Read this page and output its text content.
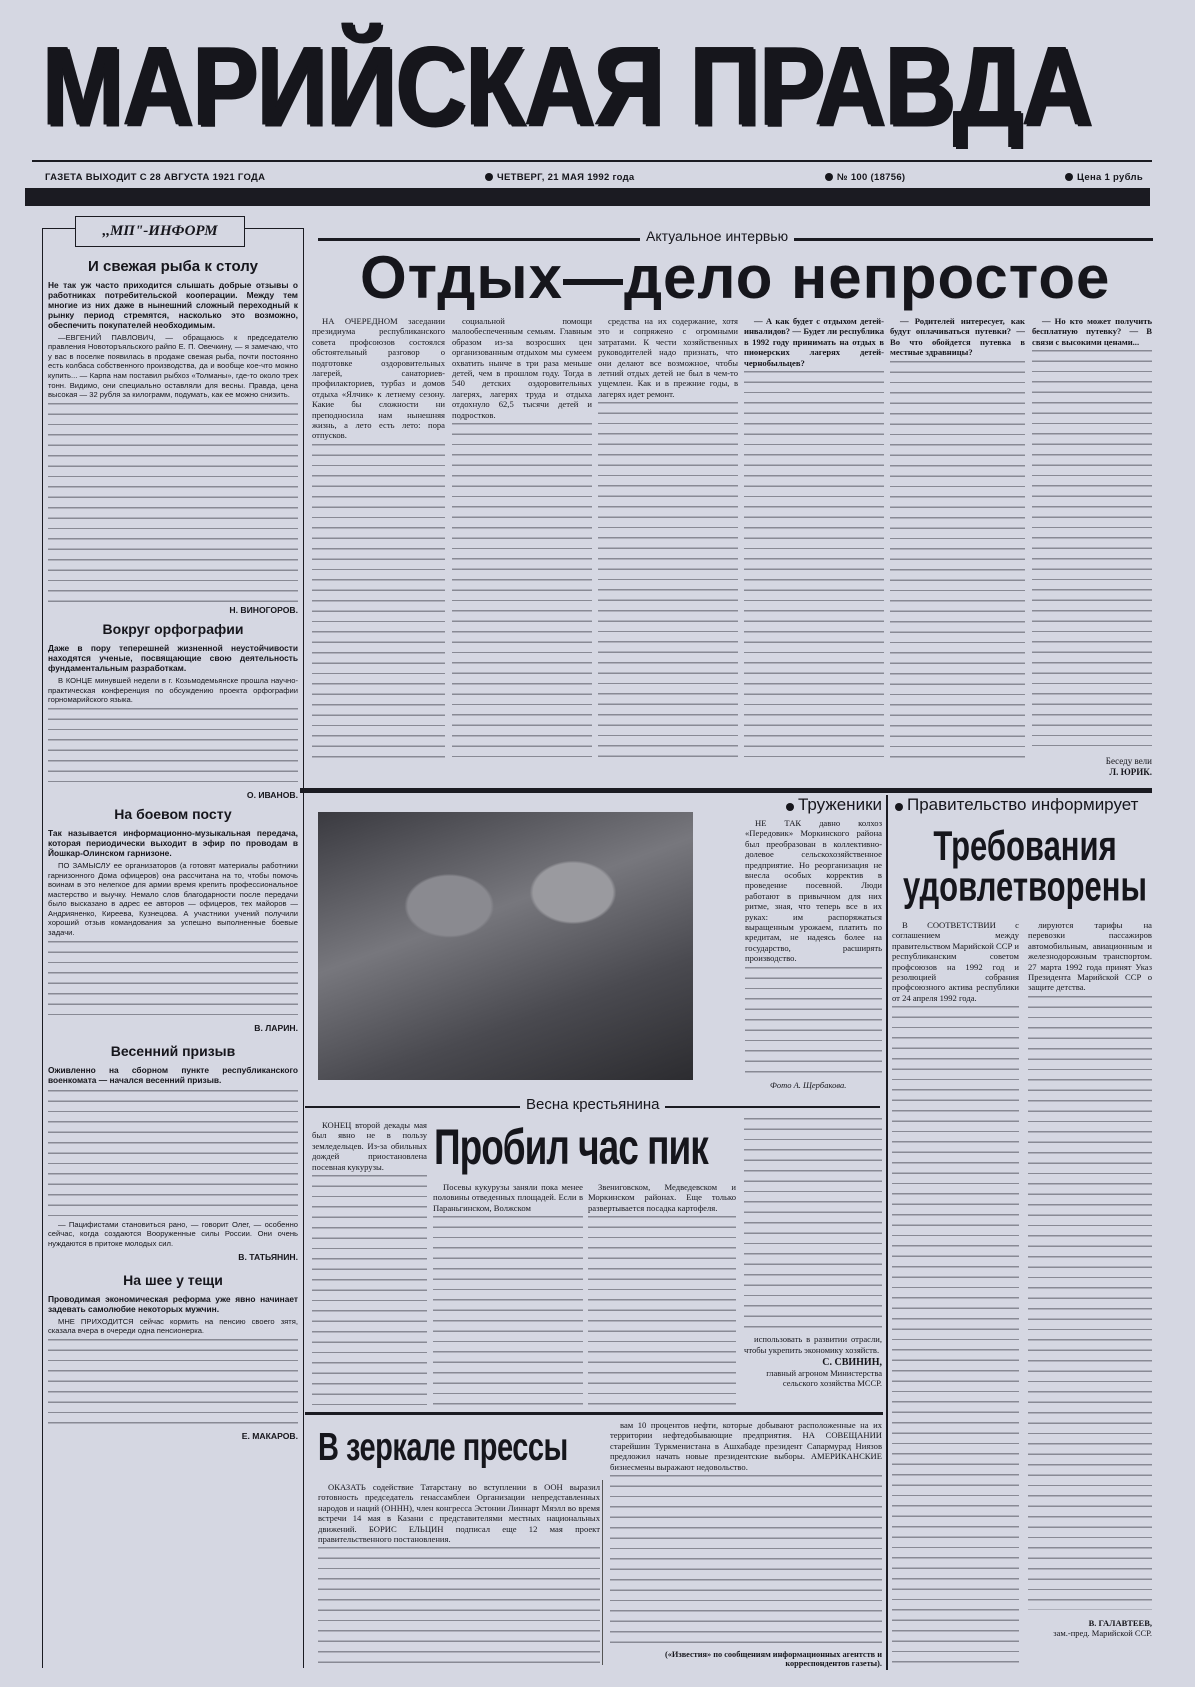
МАРИЙСКАЯ ПРАВДА
ГАЗЕТА ВЫХОДИТ С 28 АВГУСТА 1921 ГОДА	ЧЕТВЕРГ, 21 МАЯ 1992 года	№ 100 (18756)	Цена 1 рубль
,,МП"-ИНФОРМ
И свежая рыба к столу
Не так уж часто приходится слышать добрые отзывы о работниках потребительской кооперации. Между тем многие из них даже в нынешний сложный переходный к рынку период стремятся, насколько это возможно, обеспечить покупателей необходимым.

—ЕВГЕНИЙ ПАВЛОВИЧ, — обращаюсь к председателю правления Новоторъяльского райпо Е. П. Овечкину, — я замечаю, что у вас в поселке появилась в продаже свежая рыба, почти постоянно есть колбаса собственного производства, да и вообще кое-что можно купить... — Карпа нам поставил рыбхоз «Толманы», где-то около трех тонн. Видимо, они специально оставляли для весны. Правда, цена высокая — 32 рубля за килограмм, подумать, как ее можно снизить.

Н. ВИНОГОРОВ.
Вокруг орфографии
Даже в пору теперешней жизненной неустойчивости находятся ученые, посвящающие свою деятельность фундаментальным разработкам.

В КОНЦЕ минувшей недели в г. Козьмодемьянске прошла научно-практическая конференция по обсуждению проекта орфографии горномарийского языка.

О. ИВАНОВ.
На боевом посту
Так называется информационно-музыкальная передача, которая периодически выходит в эфир по проводам в Йошкар-Олинском гарнизоне.

ПО ЗАМЫСЛУ ее организаторов (а готовят материалы работники гарнизонного Дома офицеров) она рассчитана на то, чтобы помочь воинам в это нелегкое для армии время крепить профессиональное мастерство и выучку. Немало слов благодарности после передачи было высказано в адрес ее авторов — офицеров, тех майоров — Андрияненко, Киреева, Кузнецова. А участники учений получили хороший отзыв командования за успешно выполненные боевые задачи.

В. ЛАРИН.
Весенний призыв
Оживленно на сборном пункте республиканского военкомата — начался весенний призыв.

— Пацифистами становиться рано, — говорит Олег, — особенно сейчас, когда создаются Вооруженные силы России. Они очень нуждаются в притоке молодых сил.

В. ТАТЬЯНИН.
На шее у тещи
Проводимая экономическая реформа уже явно начинает задевать самолюбие некоторых мужчин.

МНЕ ПРИХОДИТСЯ сейчас кормить на пенсию своего зятя, сказала вчера в очереди одна пенсионерка.

Е. МАКАРОВ.
Актуальное интервью
Отдых—дело непростое

НА ОЧЕРЕДНОМ заседании президиума республиканского совета профсоюзов состоялся обстоятельный разговор о подготовке оздоровительных лагерей, санаториев-профилакториев, турбаз и домов отдыха «Ялчик» к летнему сезону. Какие бы сложности ни преподносила нам нынешняя жизнь, а лето есть лето: пора отпусков.

социальной помощи малообеспеченным семьям. Главным образом из-за возросших цен организованным отдыхом мы сумеем охватить нынче в три раза меньше детей, чем в прошлом году. Тогда в 540 детских оздоровительных лагерях, лагерях труда и отдыха отдохнуло 62,5 тысячи детей и подростков.

средства на их содержание, хотя это и сопряжено с огромными затратами. К чести хозяйственных руководителей надо признать, что они делают все возможное, чтобы летний отдых детей не был в чем-то ущемлен. Как и в прежние годы, в лагерях идет ремонт.

— А как будет с отдыхом детей-инвалидов? — Будет ли республика в 1992 году принимать на отдых в пионерских лагерях детей-чернобыльцев?

— Родителей интересует, как будут оплачиваться путевки? — Во что обойдется путевка в местные здравницы?

— Но кто может получить бесплатную путевку? — В связи с высокими ценами...

Беседу вели
Л. ЮРИК.
Труженики

НЕ ТАК давно колхоз «Передовик» Моркинского района был преобразован в коллективно-долевое сельскохозяйственное предприятие. Но реорганизация не внесла особых корректив в проведение посевной. Люди работают в привычном для них ритме, зная, что теперь все в их руках: им распоряжаться выращенным урожаем, платить по кредитам, не надеясь более на государство, расширять производство.

Фото А. Щербакова.
Правительство информирует
Требования
удовлетворены

В СООТВЕТСТВИИ с соглашением между правительством Марийской ССР и республиканским советом профсоюзов на 1992 год и резолюцией собрания профсоюзного актива республики от 24 апреля 1992 года.

лируются тарифы на перевозки пассажиров автомобильным, авиационным и железнодорожным транспортом. 27 марта 1992 года принят Указ Президента Марийской ССР о защите детства.

В. ГАЛАВТЕЕВ,
зам.-пред. Марийской ССР.
Весна крестьянина
Пробил час пик

КОНЕЦ второй декады мая был явно не в пользу земледельцев. Из-за обильных дождей приостановлена посевная кукурузы.

Посевы кукурузы заняли пока менее половины отведенных площадей. Если в Параньгинском, Волжском

Звениговском, Медведевском и Моркинском районах. Еще только развертывается посадка картофеля.

использовать в развитии отрасли, чтобы укрепить экономику хозяйств.

С. СВИНИН,
главный агроном Министерства сельского хозяйства МССР.
В зеркале прессы

ОКАЗАТЬ содействие Татарстану во вступлении в ООН выразил готовность председатель генассамблеи Организации непредставленных народов и наций (ОННН), член конгресса Эстонии Линнарт Мяэлл во время встречи 14 мая в Казани с представителями местных национальных движений. БОРИС ЕЛЬЦИН подписал еще 12 мая проект правительственного постановления.

вам 10 процентов нефти, которые добывают расположенные на их территории нефтедобывающие предприятия. НА СОВЕЩАНИИ старейшин Туркменистана в Ашхабаде президент Сапармурад Ниязов предложил начать новые президентские выборы. АМЕРИКАНСКИЕ бизнесмены выражают недовольство.

(«Известия» по сообщениям информационных агентств и корреспондентов газеты).
